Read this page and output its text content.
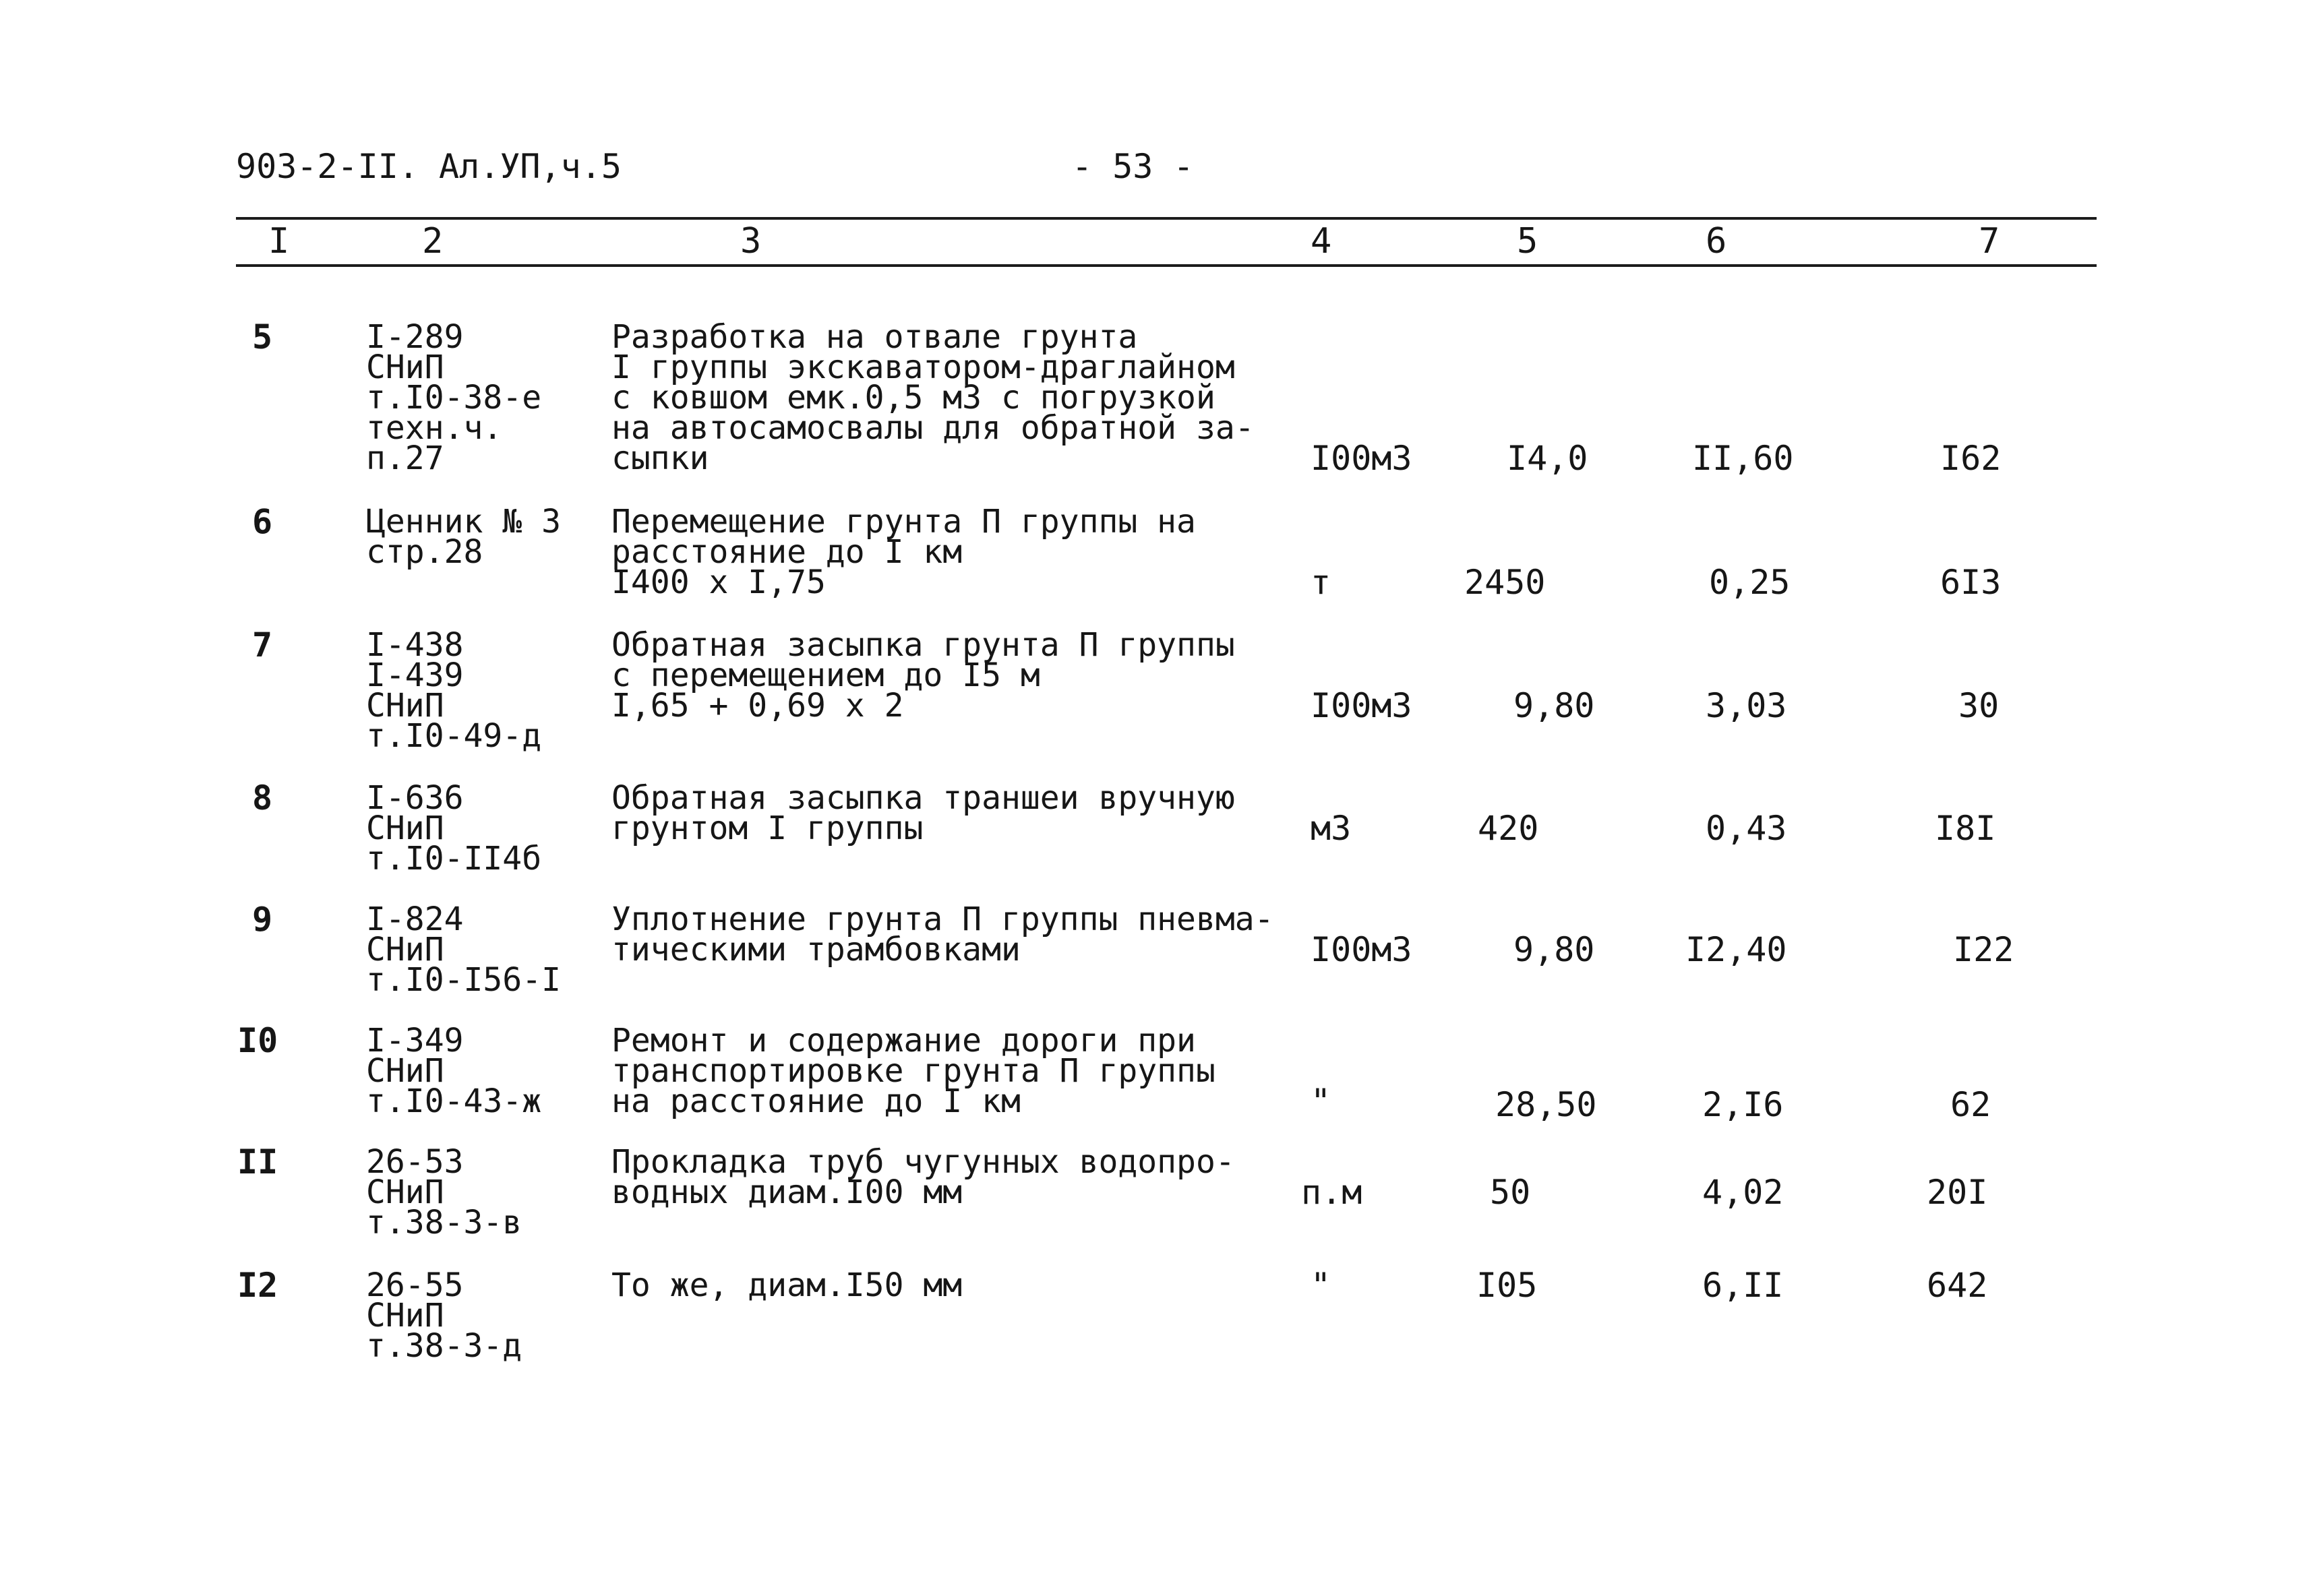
903-2-II. Ал.УП,ч.5	- 53 -
I	2	3	4	5	6	7
5	I-289
СНиП
т.I0-38-е
техн.ч.
п.27
Разработка на отвале грунта
I группы экскаватором-драглайном
с ковшом емк.0,5 м3 с погрузкой
на автосамосвалы для обратной за-
сыпки	I00м3	I4,0	II,60	I62
6	Ценник № 3
стр.28
Перемещение грунта П группы на
расстояние до I км
I400 x I,75	т	2450	0,25	6I3
7	I-438
I-439
СНиП
т.I0-49-д
Обратная засыпка грунта П группы
с перемещением до I5 м
I,65 + 0,69 x 2	I00м3	9,80	3,03	30
8	I-636
СНиП
т.I0-II4б
Обратная засыпка траншеи вручную
грунтом I группы	м3	420	0,43	I8I
9	I-824
СНиП
т.I0-I56-I
Уплотнение грунта П группы пневма-
тическими трамбовками	I00м3	9,80	I2,40	I22
I0	I-349
СНиП
т.I0-43-ж
Ремонт и содержание дороги при
транспортировке грунта П группы
на расстояние до I км	"	28,50	2,I6	62
II	26-53
СНиП
т.38-3-в
Прокладка труб чугунных водопро-
водных диам.I00 мм	п.м	50	4,02	20I
I2	26-55
СНиП
т.38-3-д
То же, диам.I50 мм	"	I05	6,II	642
